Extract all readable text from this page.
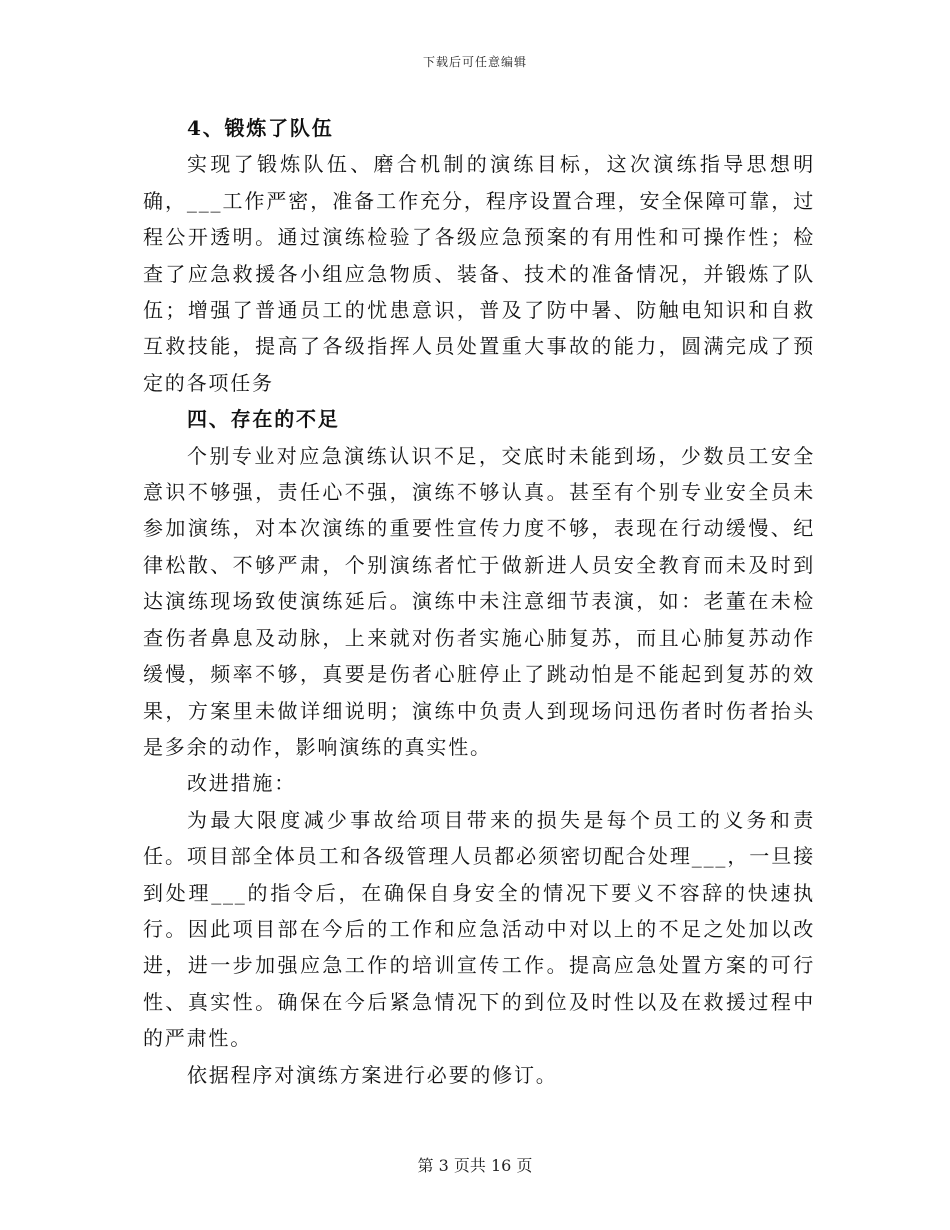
下载后可任意编辑

4、锻炼了队伍

实现了锻炼队伍、磨合机制的演练目标，这次演练指导思想明确，___工作严密，准备工作充分，程序设置合理，安全保障可靠，过程公开透明。通过演练检验了各级应急预案的有用性和可操作性；检查了应急救援各小组应急物质、装备、技术的准备情况，并锻炼了队伍；增强了普通员工的忧患意识，普及了防中暑、防触电知识和自救互救技能，提高了各级指挥人员处置重大事故的能力，圆满完成了预定的各项任务

四、存在的不足

个别专业对应急演练认识不足，交底时未能到场，少数员工安全意识不够强，责任心不强，演练不够认真。甚至有个别专业安全员未参加演练，对本次演练的重要性宣传力度不够，表现在行动缓慢、纪律松散、不够严肃，个别演练者忙于做新进人员安全教育而未及时到达演练现场致使演练延后。演练中未注意细节表演，如：老董在未检查伤者鼻息及动脉，上来就对伤者实施心肺复苏，而且心肺复苏动作缓慢，频率不够，真要是伤者心脏停止了跳动怕是不能起到复苏的效果，方案里未做详细说明；演练中负责人到现场问迅伤者时伤者抬头是多余的动作，影响演练的真实性。

改进措施：

为最大限度减少事故给项目带来的损失是每个员工的义务和责任。项目部全体员工和各级管理人员都必须密切配合处理___，一旦接到处理___的指令后，在确保自身安全的情况下要义不容辞的快速执行。因此项目部在今后的工作和应急活动中对以上的不足之处加以改进，进一步加强应急工作的培训宣传工作。提高应急处置方案的可行性、真实性。确保在今后紧急情况下的到位及时性以及在救援过程中的严肃性。

依据程序对演练方案进行必要的修订。

第 3 页共 16 页
